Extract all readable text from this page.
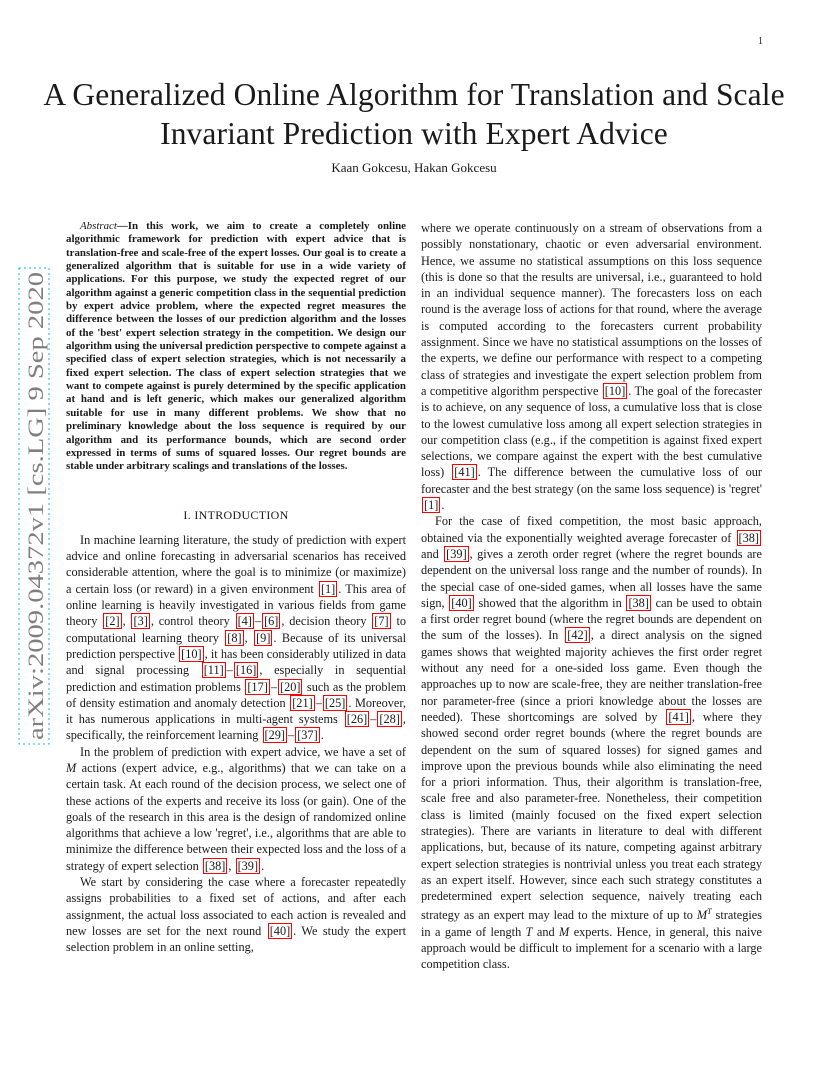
1
arXiv:2009.04372v1 [cs.LG] 9 Sep 2020
A Generalized Online Algorithm for Translation and Scale Invariant Prediction with Expert Advice
Kaan Gokcesu, Hakan Gokcesu

Abstract—In this work, we aim to create a completely online algorithmic framework for prediction with expert advice that is translation-free and scale-free of the expert losses. Our goal is to create a generalized algorithm that is suitable for use in a wide variety of applications. For this purpose, we study the expected regret of our algorithm against a generic competition class in the sequential prediction by expert advice problem, where the expected regret measures the difference between the losses of our prediction algorithm and the losses of the 'best' expert selection strategy in the competition. We design our algorithm using the universal prediction perspective to compete against a specified class of expert selection strategies, which is not necessarily a fixed expert selection. The class of expert selection strategies that we want to compete against is purely determined by the specific application at hand and is left generic, which makes our generalized algorithm suitable for use in many different problems. We show that no preliminary knowledge about the loss sequence is required by our algorithm and its performance bounds, which are second order expressed in terms of sums of squared losses. Our regret bounds are stable under arbitrary scalings and translations of the losses.

I. INTRODUCTION

In machine learning literature, the study of prediction with expert advice and online forecasting in adversarial scenarios has received considerable attention, where the goal is to minimize (or maximize) a certain loss (or reward) in a given environment [1] . This area of online learning is heavily investigated in various fields from game theory [2] , [3] , control theory [4] – [6] , decision theory [7] to computational learning theory [8] , [9] . Because of its universal prediction perspective [10] , it has been considerably utilized in data and signal processing [11] – [16] , especially in sequential prediction and estimation problems [17] – [20] such as the problem of density estimation and anomaly detection [21] – [25] . Moreover, it has numerous applications in multi-agent systems [26] – [28] , specifically, the reinforcement learning [29] – [37] .

In the problem of prediction with expert advice, we have a set of M actions (expert advice, e.g., algorithms) that we can take on a certain task. At each round of the decision process, we select one of these actions of the experts and receive its loss (or gain). One of the goals of the research in this area is the design of randomized online algorithms that achieve a low 'regret', i.e., algorithms that are able to minimize the difference between their expected loss and the loss of a strategy of expert selection [38] , [39] .

We start by considering the case where a forecaster repeatedly assigns probabilities to a fixed set of actions, and after each assignment, the actual loss associated to each action is revealed and new losses are set for the next round [40] . We study the expert selection problem in an online setting,

where we operate continuously on a stream of observations from a possibly nonstationary, chaotic or even adversarial environment. Hence, we assume no statistical assumptions on this loss sequence (this is done so that the results are universal, i.e., guaranteed to hold in an individual sequence manner). The forecasters loss on each round is the average loss of actions for that round, where the average is computed according to the forecasters current probability assignment. Since we have no statistical assumptions on the losses of the experts, we define our performance with respect to a competing class of strategies and investigate the expert selection problem from a competitive algorithm perspective [10] . The goal of the forecaster is to achieve, on any sequence of loss, a cumulative loss that is close to the lowest cumulative loss among all expert selection strategies in our competition class (e.g., if the competition is against fixed expert selections, we compare against the expert with the best cumulative loss) [41] . The difference between the cumulative loss of our forecaster and the best strategy (on the same loss sequence) is 'regret' [1] .

For the case of fixed competition, the most basic approach, obtained via the exponentially weighted average forecaster of [38] and [39] , gives a zeroth order regret (where the regret bounds are dependent on the universal loss range and the number of rounds). In the special case of one-sided games, when all losses have the same sign, [40] showed that the algorithm in [38] can be used to obtain a first order regret bound (where the regret bounds are dependent on the sum of the losses). In [42] , a direct analysis on the signed games shows that weighted majority achieves the first order regret without any need for a one-sided loss game. Even though the approaches up to now are scale-free, they are neither translation-free nor parameter-free (since a priori knowledge about the losses are needed). These shortcomings are solved by [41] , where they showed second order regret bounds (where the regret bounds are dependent on the sum of squared losses) for signed games and improve upon the previous bounds while also eliminating the need for a priori information. Thus, their algorithm is translation-free, scale free and also parameter-free. Nonetheless, their competition class is limited (mainly focused on the fixed expert selection strategies). There are variants in literature to deal with different applications, but, because of its nature, competing against arbitrary expert selection strategies is nontrivial unless you treat each strategy as an expert itself. However, since each such strategy constitutes a predetermined expert selection sequence, naively treating each strategy as an expert may lead to the mixture of up to $M^T$ strategies in a game of length T and M experts. Hence, in general, this naive approach would be difficult to implement for a scenario with a large competition class.
